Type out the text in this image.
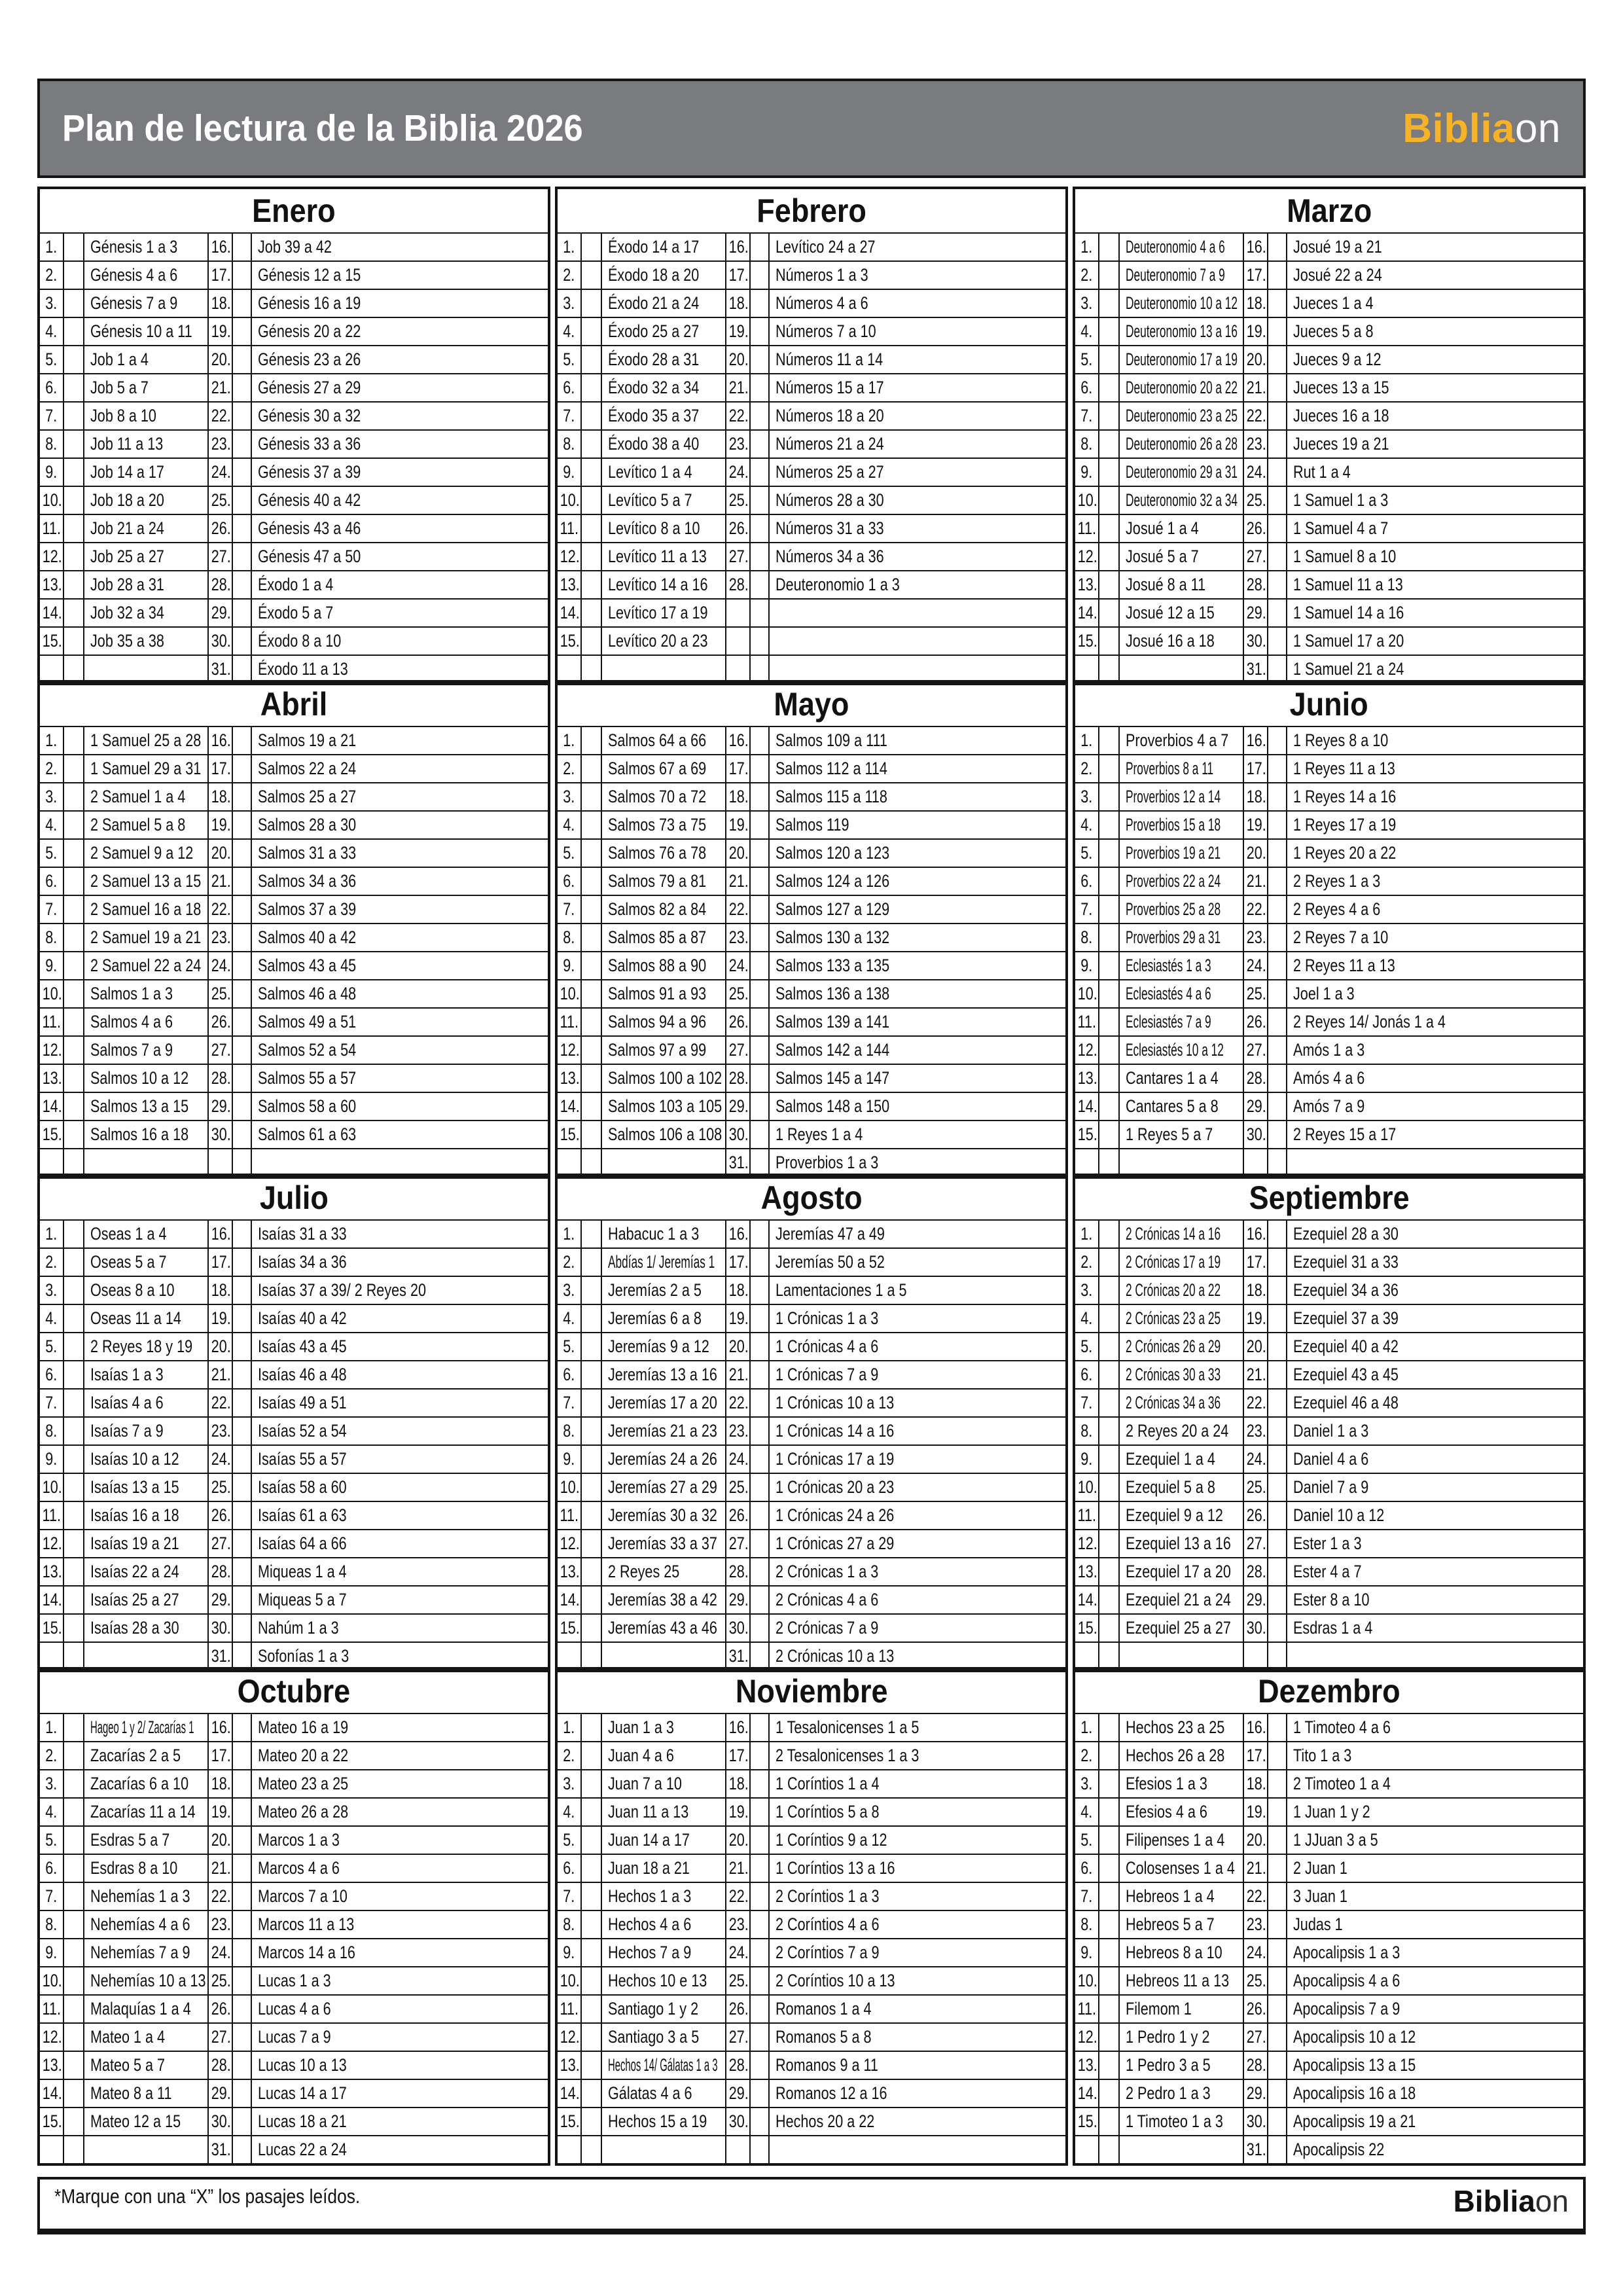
Plan de lectura de la Biblia 2026	Bibliaon
Enero					
1.		Génesis 1 a 3	16.		Job 39 a 42
2.		Génesis 4 a 6	17.		Génesis 12 a 15
3.		Génesis 7 a 9	18.		Génesis 16 a 19
4.		Génesis 10 a 11	19.		Génesis 20 a 22
5.		Job 1 a 4	20.		Génesis 23 a 26
6.		Job 5 a 7	21.		Génesis 27 a 29
7.		Job 8 a 10	22.		Génesis 30 a 32
8.		Job 11 a 13	23.		Génesis 33 a 36
9.		Job 14 a 17	24.		Génesis 37 a 39
10.		Job 18 a 20	25.		Génesis 40 a 42
11.		Job 21 a 24	26.		Génesis 43 a 46
12.		Job 25 a 27	27.		Génesis 47 a 50
13.		Job 28 a 31	28.		Éxodo 1 a 4
14.		Job 32 a 34	29.		Éxodo 5 a 7
15.		Job 35 a 38	30.		Éxodo 8 a 10
			31.		Éxodo 11 a 13
Febrero					
1.		Éxodo 14 a 17	16.		Levítico 24 a 27
2.		Éxodo 18 a 20	17.		Números 1 a 3
3.		Éxodo 21 a 24	18.		Números 4 a 6
4.		Éxodo 25 a 27	19.		Números 7 a 10
5.		Éxodo 28 a 31	20.		Números 11 a 14
6.		Éxodo 32 a 34	21.		Números 15 a 17
7.		Éxodo 35 a 37	22.		Números 18 a 20
8.		Éxodo 38 a 40	23.		Números 21 a 24
9.		Levítico 1 a 4	24.		Números 25 a 27
10.		Levítico 5 a 7	25.		Números 28 a 30
11.		Levítico 8 a 10	26.		Números 31 a 33
12.		Levítico 11 a 13	27.		Números 34 a 36
13.		Levítico 14 a 16	28.		Deuteronomio 1 a 3
14.		Levítico 17 a 19			
15.		Levítico 20 a 23			

Marzo					
1.		Deuteronomio 4 a 6	16.		Josué 19 a 21
2.		Deuteronomio 7 a 9	17.		Josué 22 a 24
3.		Deuteronomio 10 a 12	18.		Jueces 1 a 4
4.		Deuteronomio 13 a 16	19.		Jueces 5 a 8
5.		Deuteronomio 17 a 19	20.		Jueces 9 a 12
6.		Deuteronomio 20 a 22	21.		Jueces 13 a 15
7.		Deuteronomio 23 a 25	22.		Jueces 16 a 18
8.		Deuteronomio 26 a 28	23.		Jueces 19 a 21
9.		Deuteronomio 29 a 31	24.		Rut 1 a 4
10.		Deuteronomio 32 a 34	25.		1 Samuel 1 a 3
11.		Josué 1 a 4	26.		1 Samuel 4 a 7
12.		Josué 5 a 7	27.		1 Samuel 8 a 10
13.		Josué 8 a 11	28.		1 Samuel 11 a 13
14.		Josué 12 a 15	29.		1 Samuel 14 a 16
15.		Josué 16 a 18	30.		1 Samuel 17 a 20
			31.		1 Samuel 21 a 24
Abril					
1.		1 Samuel 25 a 28	16.		Salmos 19 a 21
2.		1 Samuel 29 a 31	17.		Salmos 22 a 24
3.		2 Samuel 1 a 4	18.		Salmos 25 a 27
4.		2 Samuel 5 a 8	19.		Salmos 28 a 30
5.		2 Samuel 9 a 12	20.		Salmos 31 a 33
6.		2 Samuel 13 a 15	21.		Salmos 34 a 36
7.		2 Samuel 16 a 18	22.		Salmos 37 a 39
8.		2 Samuel 19 a 21	23.		Salmos 40 a 42
9.		2 Samuel 22 a 24	24.		Salmos 43 a 45
10.		Salmos 1 a 3	25.		Salmos 46 a 48
11.		Salmos 4 a 6	26.		Salmos 49 a 51
12.		Salmos 7 a 9	27.		Salmos 52 a 54
13.		Salmos 10 a 12	28.		Salmos 55 a 57
14.		Salmos 13 a 15	29.		Salmos 58 a 60
15.		Salmos 16 a 18	30.		Salmos 61 a 63

Mayo					
1.		Salmos 64 a 66	16.		Salmos 109 a 111
2.		Salmos 67 a 69	17.		Salmos 112 a 114
3.		Salmos 70 a 72	18.		Salmos 115 a 118
4.		Salmos 73 a 75	19.		Salmos 119
5.		Salmos 76 a 78	20.		Salmos 120 a 123
6.		Salmos 79 a 81	21.		Salmos 124 a 126
7.		Salmos 82 a 84	22.		Salmos 127 a 129
8.		Salmos 85 a 87	23.		Salmos 130 a 132
9.		Salmos 88 a 90	24.		Salmos 133 a 135
10.		Salmos 91 a 93	25.		Salmos 136 a 138
11.		Salmos 94 a 96	26.		Salmos 139 a 141
12.		Salmos 97 a 99	27.		Salmos 142 a 144
13.		Salmos 100 a 102	28.		Salmos 145 a 147
14.		Salmos 103 a 105	29.		Salmos 148 a 150
15.		Salmos 106 a 108	30.		1 Reyes 1 a 4
			31.		Proverbios 1 a 3
Junio					
1.		Proverbios 4 a 7	16.		1 Reyes 8 a 10
2.		Proverbios 8 a 11	17.		1 Reyes 11 a 13
3.		Proverbios 12 a 14	18.		1 Reyes 14 a 16
4.		Proverbios 15 a 18	19.		1 Reyes 17 a 19
5.		Proverbios 19 a 21	20.		1 Reyes 20 a 22
6.		Proverbios 22 a 24	21.		2 Reyes 1 a 3
7.		Proverbios 25 a 28	22.		2 Reyes 4 a 6
8.		Proverbios 29 a 31	23.		2 Reyes 7 a 10
9.		Eclesiastés 1 a 3	24.		2 Reyes 11 a 13
10.		Eclesiastés 4 a 6	25.		Joel 1 a 3
11.		Eclesiastés 7 a 9	26.		2 Reyes 14/ Jonás 1 a 4
12.		Eclesiastés 10 a 12	27.		Amós 1 a 3
13.		Cantares 1 a 4	28.		Amós 4 a 6
14.		Cantares 5 a 8	29.		Amós 7 a 9
15.		1 Reyes 5 a 7	30.		2 Reyes 15 a 17

Julio					
1.		Oseas 1 a 4	16.		Isaías 31 a 33
2.		Oseas 5 a 7	17.		Isaías 34 a 36
3.		Oseas 8 a 10	18.		Isaías 37 a 39/ 2 Reyes 20
4.		Oseas 11 a 14	19.		Isaías 40 a 42
5.		2 Reyes 18 y 19	20.		Isaías 43 a 45
6.		Isaías 1 a 3	21.		Isaías 46 a 48
7.		Isaías 4 a 6	22.		Isaías 49 a 51
8.		Isaías 7 a 9	23.		Isaías 52 a 54
9.		Isaías 10 a 12	24.		Isaías 55 a 57
10.		Isaías 13 a 15	25.		Isaías 58 a 60
11.		Isaías 16 a 18	26.		Isaías 61 a 63
12.		Isaías 19 a 21	27.		Isaías 64 a 66
13.		Isaías 22 a 24	28.		Miqueas 1 a 4
14.		Isaías 25 a 27	29.		Miqueas 5 a 7
15.		Isaías 28 a 30	30.		Nahúm 1 a 3
			31.		Sofonías 1 a 3
Agosto					
1.		Habacuc 1 a 3	16.		Jeremías 47 a 49
2.		Abdías 1/ Jeremías 1	17.		Jeremías 50 a 52
3.		Jeremías 2 a 5	18.		Lamentaciones 1 a 5
4.		Jeremías 6 a 8	19.		1 Crónicas 1 a 3
5.		Jeremías 9 a 12	20.		1 Crónicas 4 a 6
6.		Jeremías 13 a 16	21.		1 Crónicas 7 a 9
7.		Jeremías 17 a 20	22.		1 Crónicas 10 a 13
8.		Jeremías 21 a 23	23.		1 Crónicas 14 a 16
9.		Jeremías 24 a 26	24.		1 Crónicas 17 a 19
10.		Jeremías 27 a 29	25.		1 Crónicas 20 a 23
11.		Jeremías 30 a 32	26.		1 Crónicas 24 a 26
12.		Jeremías 33 a 37	27.		1 Crónicas 27 a 29
13.		2 Reyes 25	28.		2 Crónicas 1 a 3
14.		Jeremías 38 a 42	29.		2 Crónicas 4 a 6
15.		Jeremías 43 a 46	30.		2 Crónicas 7 a 9
			31.		2 Crónicas 10 a 13
Septiembre					
1.		2 Crónicas 14 a 16	16.		Ezequiel 28 a 30
2.		2 Crónicas 17 a 19	17.		Ezequiel 31 a 33
3.		2 Crónicas 20 a 22	18.		Ezequiel 34 a 36
4.		2 Crónicas 23 a 25	19.		Ezequiel 37 a 39
5.		2 Crónicas 26 a 29	20.		Ezequiel 40 a 42
6.		2 Crónicas 30 a 33	21.		Ezequiel 43 a 45
7.		2 Crónicas 34 a 36	22.		Ezequiel 46 a 48
8.		2 Reyes 20 a 24	23.		Daniel 1 a 3
9.		Ezequiel 1 a 4	24.		Daniel 4 a 6
10.		Ezequiel 5 a 8	25.		Daniel 7 a 9
11.		Ezequiel 9 a 12	26.		Daniel 10 a 12
12.		Ezequiel 13 a 16	27.		Ester 1 a 3
13.		Ezequiel 17 a 20	28.		Ester 4 a 7
14.		Ezequiel 21 a 24	29.		Ester 8 a 10
15.		Ezequiel 25 a 27	30.		Esdras 1 a 4

Octubre					
1.		Hageo 1 y 2/ Zacarías 1	16.		Mateo 16 a 19
2.		Zacarías 2 a 5	17.		Mateo 20 a 22
3.		Zacarías 6 a 10	18.		Mateo 23 a 25
4.		Zacarías 11 a 14	19.		Mateo 26 a 28
5.		Esdras 5 a 7	20.		Marcos 1 a 3
6.		Esdras 8 a 10	21.		Marcos 4 a 6
7.		Nehemías 1 a 3	22.		Marcos 7 a 10
8.		Nehemías 4 a 6	23.		Marcos 11 a 13
9.		Nehemías 7 a 9	24.		Marcos 14 a 16
10.		Nehemías 10 a 13	25.		Lucas 1 a 3
11.		Malaquías 1 a 4	26.		Lucas 4 a 6
12.		Mateo 1 a 4	27.		Lucas 7 a 9
13.		Mateo 5 a 7	28.		Lucas 10 a 13
14.		Mateo 8 a 11	29.		Lucas 14 a 17
15.		Mateo 12 a 15	30.		Lucas 18 a 21
			31.		Lucas 22 a 24
Noviembre					
1.		Juan 1 a 3	16.		1 Tesalonicenses 1 a 5
2.		Juan 4 a 6	17.		2 Tesalonicenses 1 a 3
3.		Juan 7 a 10	18.		1 Coríntios 1 a 4
4.		Juan 11 a 13	19.		1 Coríntios 5 a 8
5.		Juan 14 a 17	20.		1 Coríntios 9 a 12
6.		Juan 18 a 21	21.		1 Coríntios 13 a 16
7.		Hechos 1 a 3	22.		2 Coríntios 1 a 3
8.		Hechos 4 a 6	23.		2 Coríntios 4 a 6
9.		Hechos 7 a 9	24.		2 Coríntios 7 a 9
10.		Hechos 10 e 13	25.		2 Coríntios 10 a 13
11.		Santiago 1 y 2	26.		Romanos 1 a 4
12.		Santiago 3 a 5	27.		Romanos 5 a 8
13.		Hechos 14/ Gálatas 1 a 3	28.		Romanos 9 a 11
14.		Gálatas 4 a 6	29.		Romanos 12 a 16
15.		Hechos 15 a 19	30.		Hechos 20 a 22

Dezembro					
1.		Hechos 23 a 25	16.		1 Timoteo 4 a 6
2.		Hechos 26 a 28	17.		Tito 1 a 3
3.		Efesios 1 a 3	18.		2 Timoteo 1 a 4
4.		Efesios 4 a 6	19.		1 Juan 1 y 2
5.		Filipenses 1 a 4	20.		1 JJuan 3 a 5
6.		Colosenses 1 a 4	21.		2 Juan 1
7.		Hebreos 1 a 4	22.		3 Juan 1
8.		Hebreos 5 a 7	23.		Judas 1
9.		Hebreos 8 a 10	24.		Apocalipsis 1 a 3
10.		Hebreos 11 a 13	25.		Apocalipsis 4 a 6
11.		Filemom 1	26.		Apocalipsis 7 a 9
12.		1 Pedro 1 y 2	27.		Apocalipsis 10 a 12
13.		1 Pedro 3 a 5	28.		Apocalipsis 13 a 15
14.		2 Pedro 1 a 3	29.		Apocalipsis 16 a 18
15.		1 Timoteo 1 a 3	30.		Apocalipsis 19 a 21
			31.		Apocalipsis 22
*Marque con una “X” los pasajes leídos.	Bibliaon
